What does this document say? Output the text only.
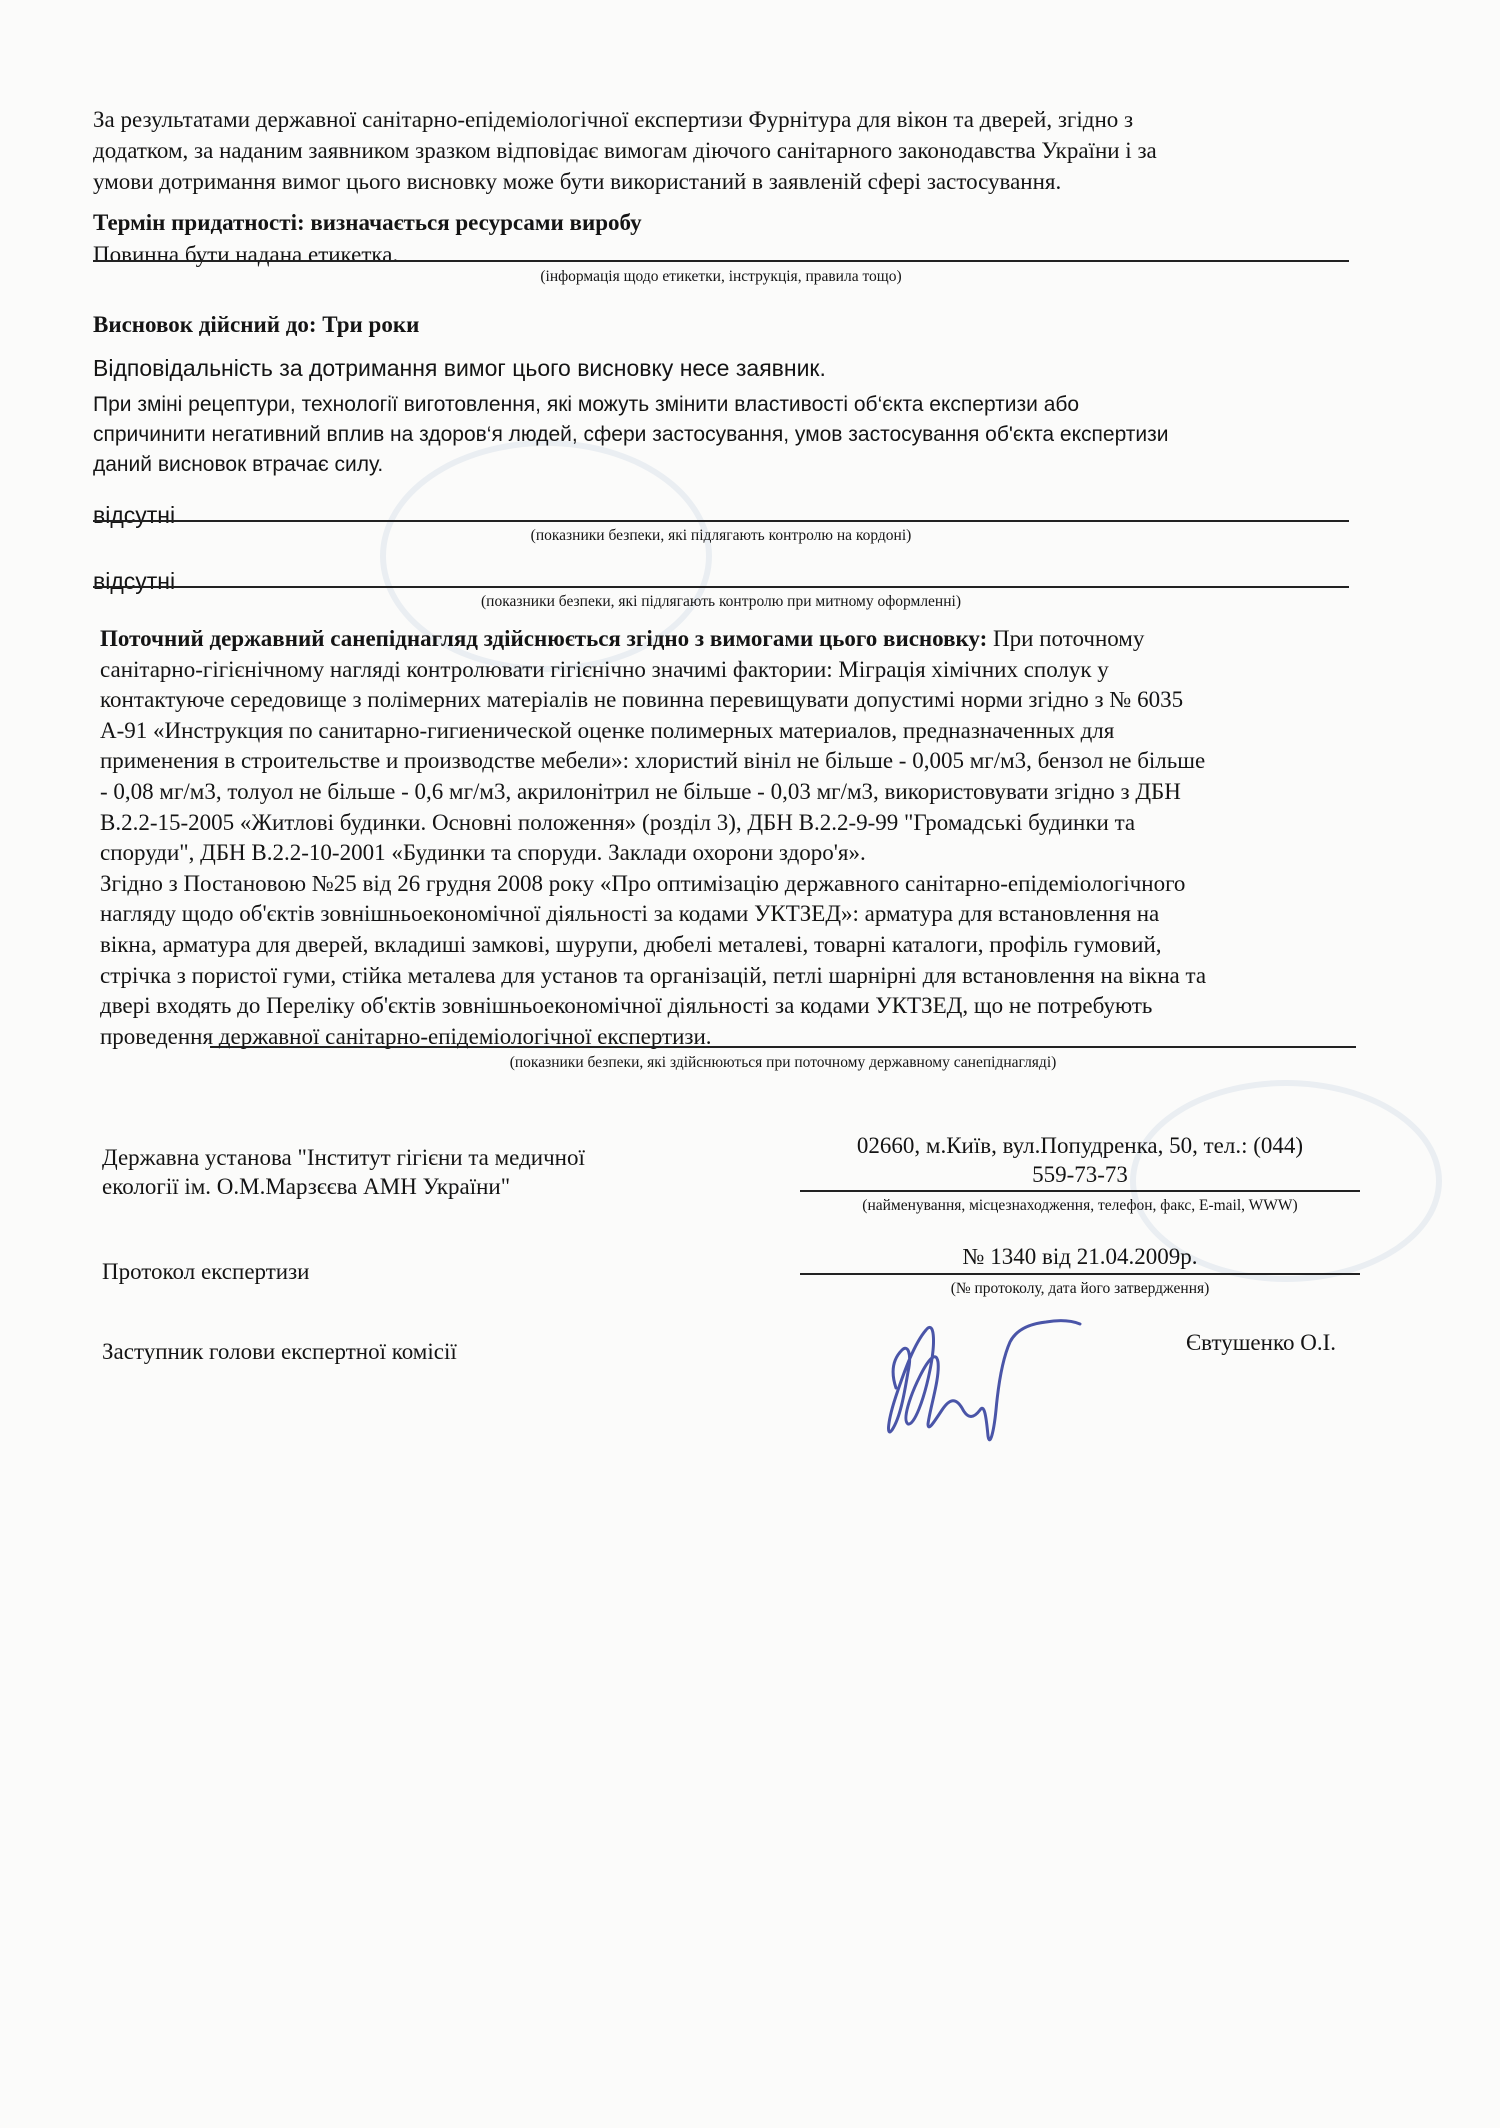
За результатами державної санітарно-епідеміологічної експертизи Фурнітура для вікон та дверей, згідно з

додатком, за наданим заявником зразком відповідає вимогам діючого санітарного законодавства України і за

умови дотримання вимог цього висновку може бути використаний в заявленій сфері застосування.

Термін придатності: визначається ресурсами виробу
Повинна бути надана етикетка.
(інформація щодо етикетки, інструкція, правила тощо)
Висновок дійсний до: Три роки
Відповідальність за дотримання вимог цього висновку несе заявник.

При зміні рецептури, технології виготовлення, які можуть змінити властивості об‘єкта експертизи або

спричинити негативний вплив на здоров‘я людей, сфери застосування, умов застосування об'єкта експертизи

даний висновок втрачає силу.

відсутні
(показники безпеки, які підлягають контролю на кордоні)
відсутні
(показники безпеки, які підлягають контролю при митному оформленні)

Поточний державний санепіднагляд здійснюється згідно з вимогами цього висновку: При поточному

санітарно-гігієнічному нагляді контролювати гігієнічно значимі фактории: Міграція хімічних сполук у

контактуюче середовище з полімерних матеріалів не повинна перевищувати допустимі норми згідно з № 6035

А-91 «Инструкция по санитарно-гигиенической оценке полимерных материалов, предназначенных для

применения в строительстве и производстве мебели»: хлористий вініл не більше - 0,005 мг/м3, бензол не більше

- 0,08 мг/м3, толуол не більше - 0,6 мг/м3, акрилонітрил не більше - 0,03 мг/м3, використовувати згідно з ДБН

В.2.2-15-2005 «Житлові будинки. Основні положення» (розділ 3), ДБН В.2.2-9-99 "Громадські будинки та

споруди", ДБН В.2.2-10-2001 «Будинки та споруди. Заклади охорони здоро'я».

Згідно з Постановою №25 від 26 грудня 2008 року «Про оптимізацію державного санітарно-епідеміологічного

нагляду щодо об'єктів зовнішньоекономічної діяльності за кодами УКТЗЕД»: арматура для встановлення на

вікна, арматура для дверей, вкладиші замкові, шурупи, дюбелі металеві, товарні каталоги, профіль гумовий,

стрічка з пористої гуми, стійка металева для установ та організацій, петлі шарнірні для встановлення на вікна та

двері входять до Переліку об'єктів зовнішньоекономічної діяльності за кодами УКТЗЕД, що не потребують

проведення державної санітарно-епідеміологічної експертизи.

(показники безпеки, які здійснюються при поточному державному санепіднагляді)
Державна установа "Інститут гігієни та медичної
екології ім. О.М.Марзєєва АМН України"
02660, м.Київ, вул.Попудренка, 50, тел.: (044)
559-73-73
(найменування, місцезнаходження, телефон, факс, E-mail, WWW)
Протокол експертизи
№ 1340 від 21.04.2009р.
(№ протоколу, дата його затвердження)
Заступник голови експертної комісії	Євтушенко О.І.
